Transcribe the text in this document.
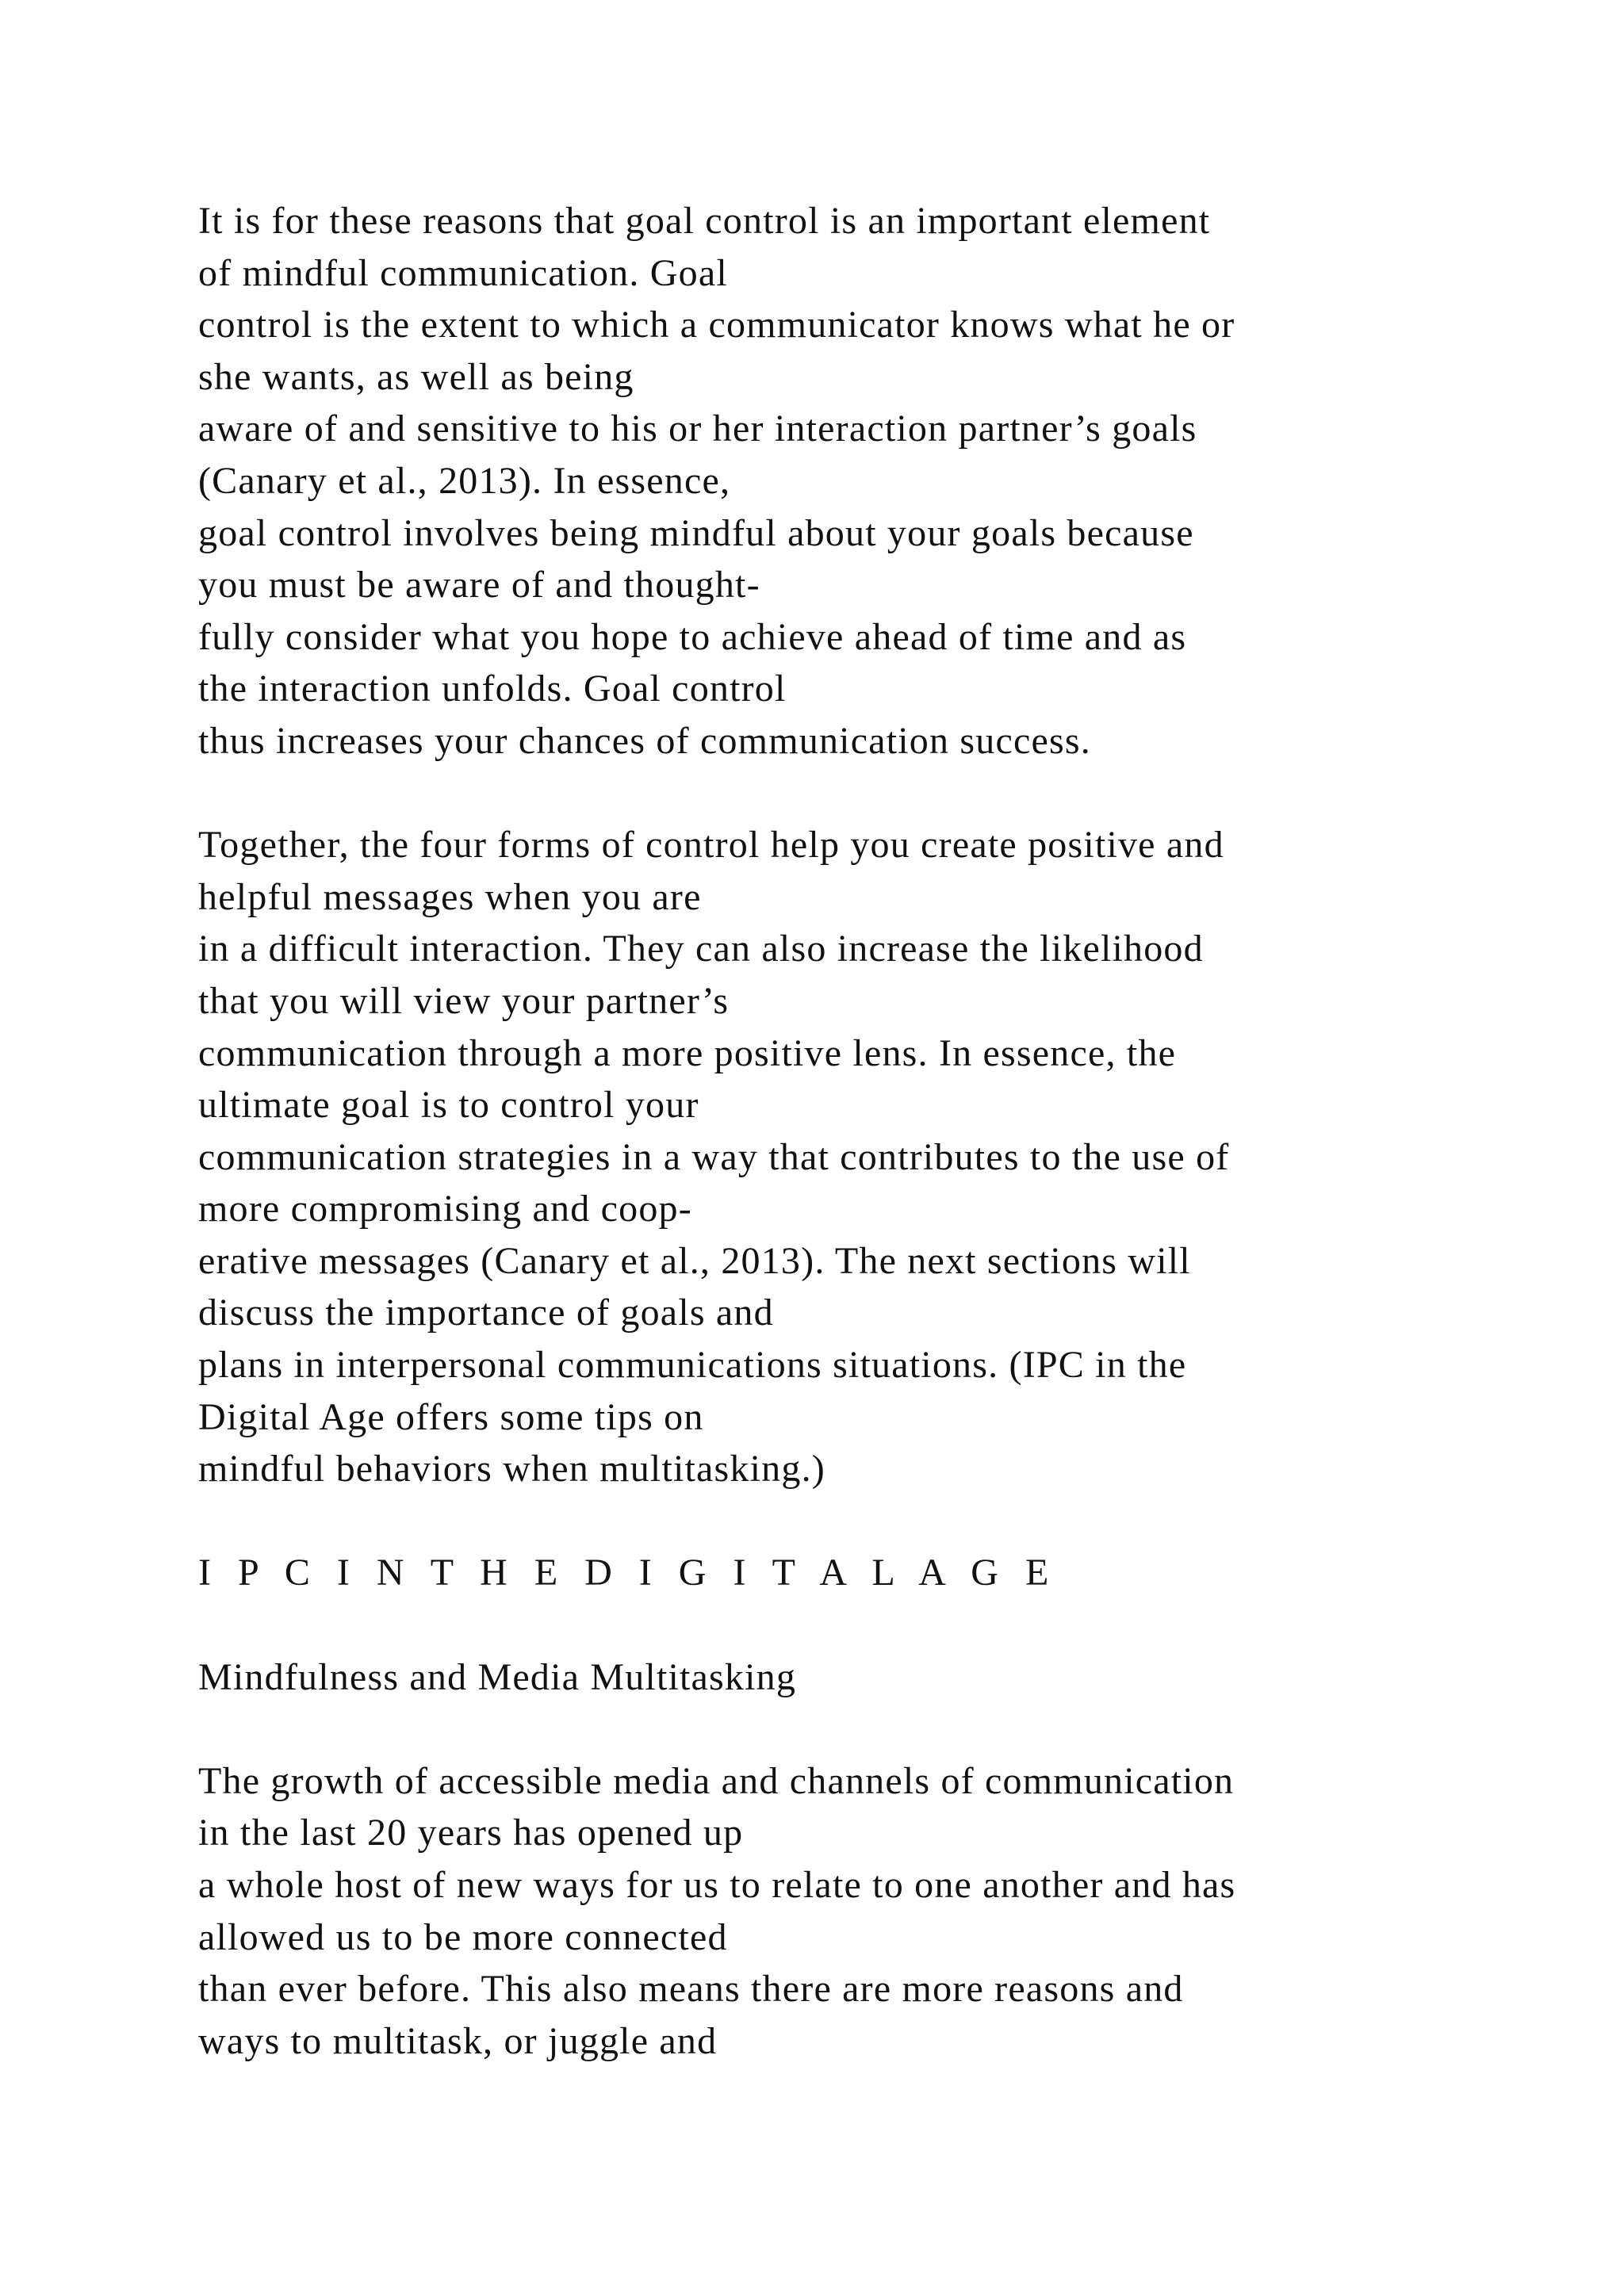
It is for these reasons that goal control is an important element
of mindful communication. Goal
control is the extent to which a communicator knows what he or
she wants, as well as being
aware of and sensitive to his or her interaction partner’s goals
(Canary et al., 2013). In essence,
goal control involves being mindful about your goals because
you must be aware of and thought-
fully consider what you hope to achieve ahead of time and as
the interaction unfolds. Goal control
thus increases your chances of communication success.
Together, the four forms of control help you create positive and
helpful messages when you are
in a difficult interaction. They can also increase the likelihood
that you will view your partner’s
communication through a more positive lens. In essence, the
ultimate goal is to control your
communication strategies in a way that contributes to the use of
more compromising and coop-
erative messages (Canary et al., 2013). The next sections will
discuss the importance of goals and
plans in interpersonal communications situations. (IPC in the
Digital Age offers some tips on
mindful behaviors when multitasking.)
I P C I N T H E D I G I T A L A G E
Mindfulness and Media Multitasking
The growth of accessible media and channels of communication
in the last 20 years has opened up
a whole host of new ways for us to relate to one another and has
allowed us to be more connected
than ever before. This also means there are more reasons and
ways to multitask, or juggle and
